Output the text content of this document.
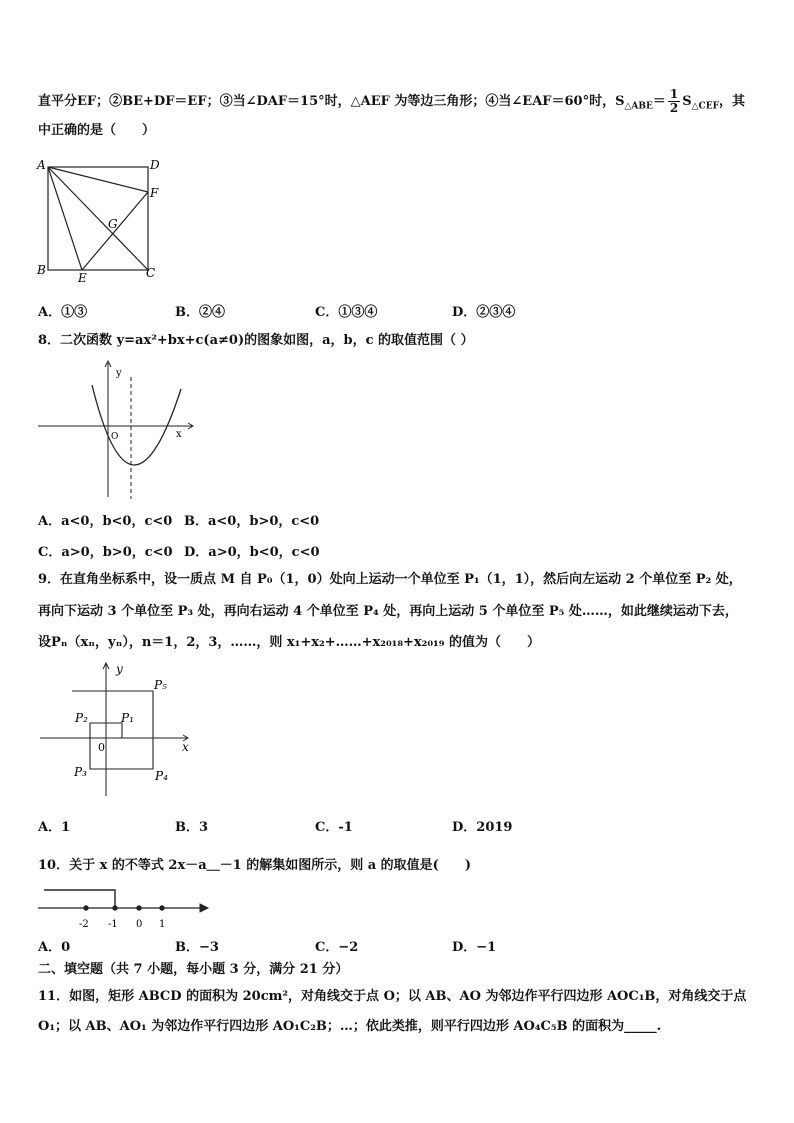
直平分EF；②BE+DF＝EF；③当∠DAF＝15°时，△AEF 为等边三角形；④当∠EAF＝60°时，$S_{\triangle ABE}= \frac{1}{2} S_{\triangle CEF}$，其
中正确的是（　　）
A	D
F
G
B
E	C
A．①③	B．②④	C．①③④	D．②③④
8．二次函数 y=ax²+bx+c(a≠0)的图象如图，a，b，c 的取值范围（ ）
y
x
O
A．a<0，b<0，c<0 B．a<0，b>0，c<0
C．a>0，b>0，c<0 D．a>0，b<0，c<0
9．在直角坐标系中，设一质点 M 自 P₀（1，0）处向上运动一个单位至 P₁（1，1），然后向左运动 2 个单位至 P₂ 处，
再向下运动 3 个单位至 P₃ 处，再向右运动 4 个单位至 P₄ 处，再向上运动 5 个单位至 P₅ 处……，如此继续运动下去，
设Pₙ（xₙ，yₙ），n＝1，2，3，……，则 x₁+x₂+……+x₂₀₁₈+x₂₀₁₉ 的值为（　　）
y
x
0
P₁
P₂
P₃	P₄
P₅
A．1	B．3	C．-1	D．2019
10．关于 x 的不等式 2x－a＿－1 的解集如图所示，则 a 的取值是(　　)
-2 -1 0 1
A．0	B．−3	C．−2	D．−1
二、填空题（共 7 小题，每小题 3 分，满分 21 分）
11．如图，矩形 ABCD 的面积为 20cm²，对角线交于点 O；以 AB、AO 为邻边作平行四边形 AOC₁B，对角线交于点
O₁；以 AB、AO₁ 为邻边作平行四边形 AO₁C₂B；…；依此类推，则平行四边形 AO₄C₅B 的面积为_____.
